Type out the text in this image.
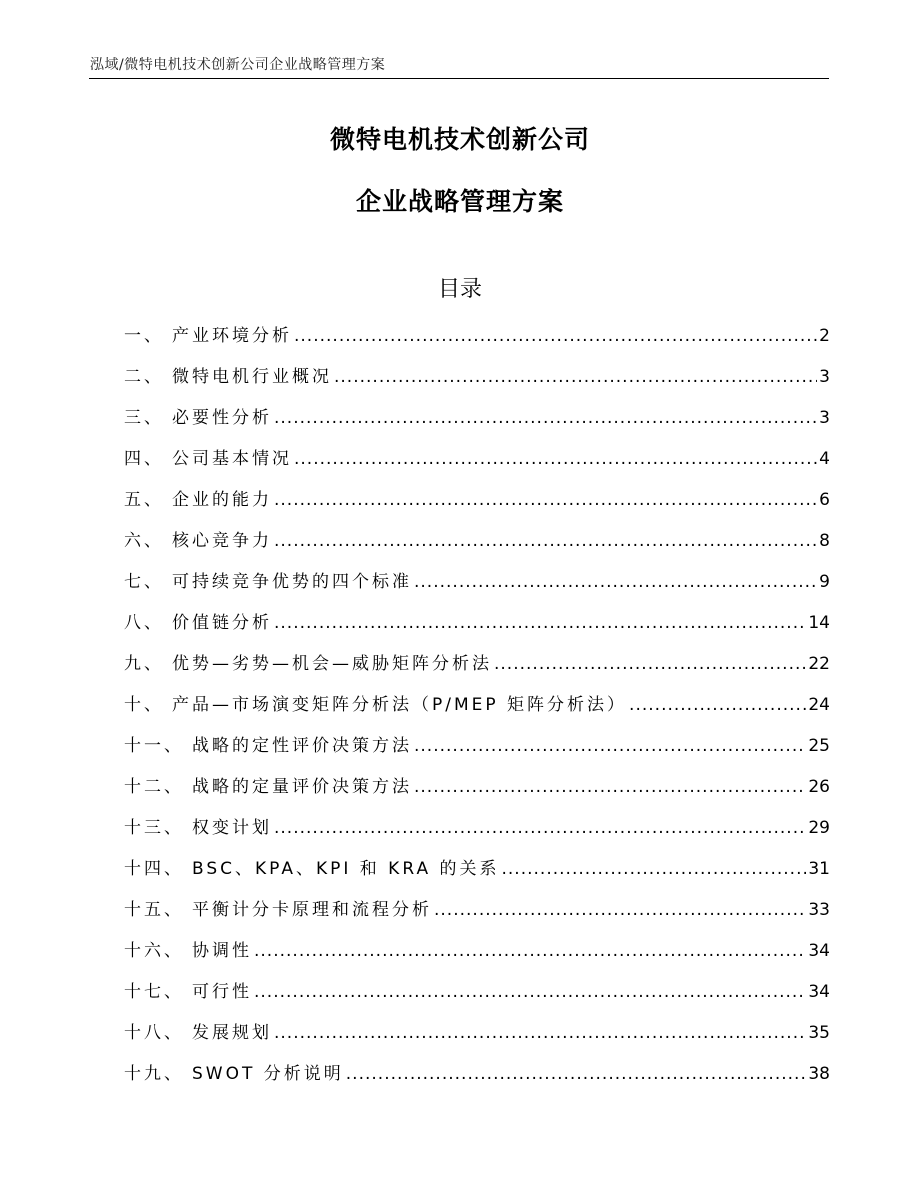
泓域/微特电机技术创新公司企业战略管理方案
微特电机技术创新公司
企业战略管理方案
目录
一、 产业环境分析 .....	2
二、 微特电机行业概况 .....	3
三、 必要性分析 .....	3
四、 公司基本情况 .....	4
五、 企业的能力 .....	6
六、 核心竞争力 .....	8
七、 可持续竞争优势的四个标准 .....	9
八、 价值链分析 .....	14
九、 优势—劣势—机会—威胁矩阵分析法 .....	22
十、 产品—市场演变矩阵分析法（P/MEP 矩阵分析法） .....	24
十一、 战略的定性评价决策方法 .....	25
十二、 战略的定量评价决策方法 .....	26
十三、 权变计划 .....	29
十四、 BSC、KPA、KPI 和 KRA 的关系 .....	31
十五、 平衡计分卡原理和流程分析 .....	33
十六、 协调性 .....	34
十七、 可行性 .....	34
十八、 发展规划 .....	35
十九、 SWOT 分析说明 .....	38
